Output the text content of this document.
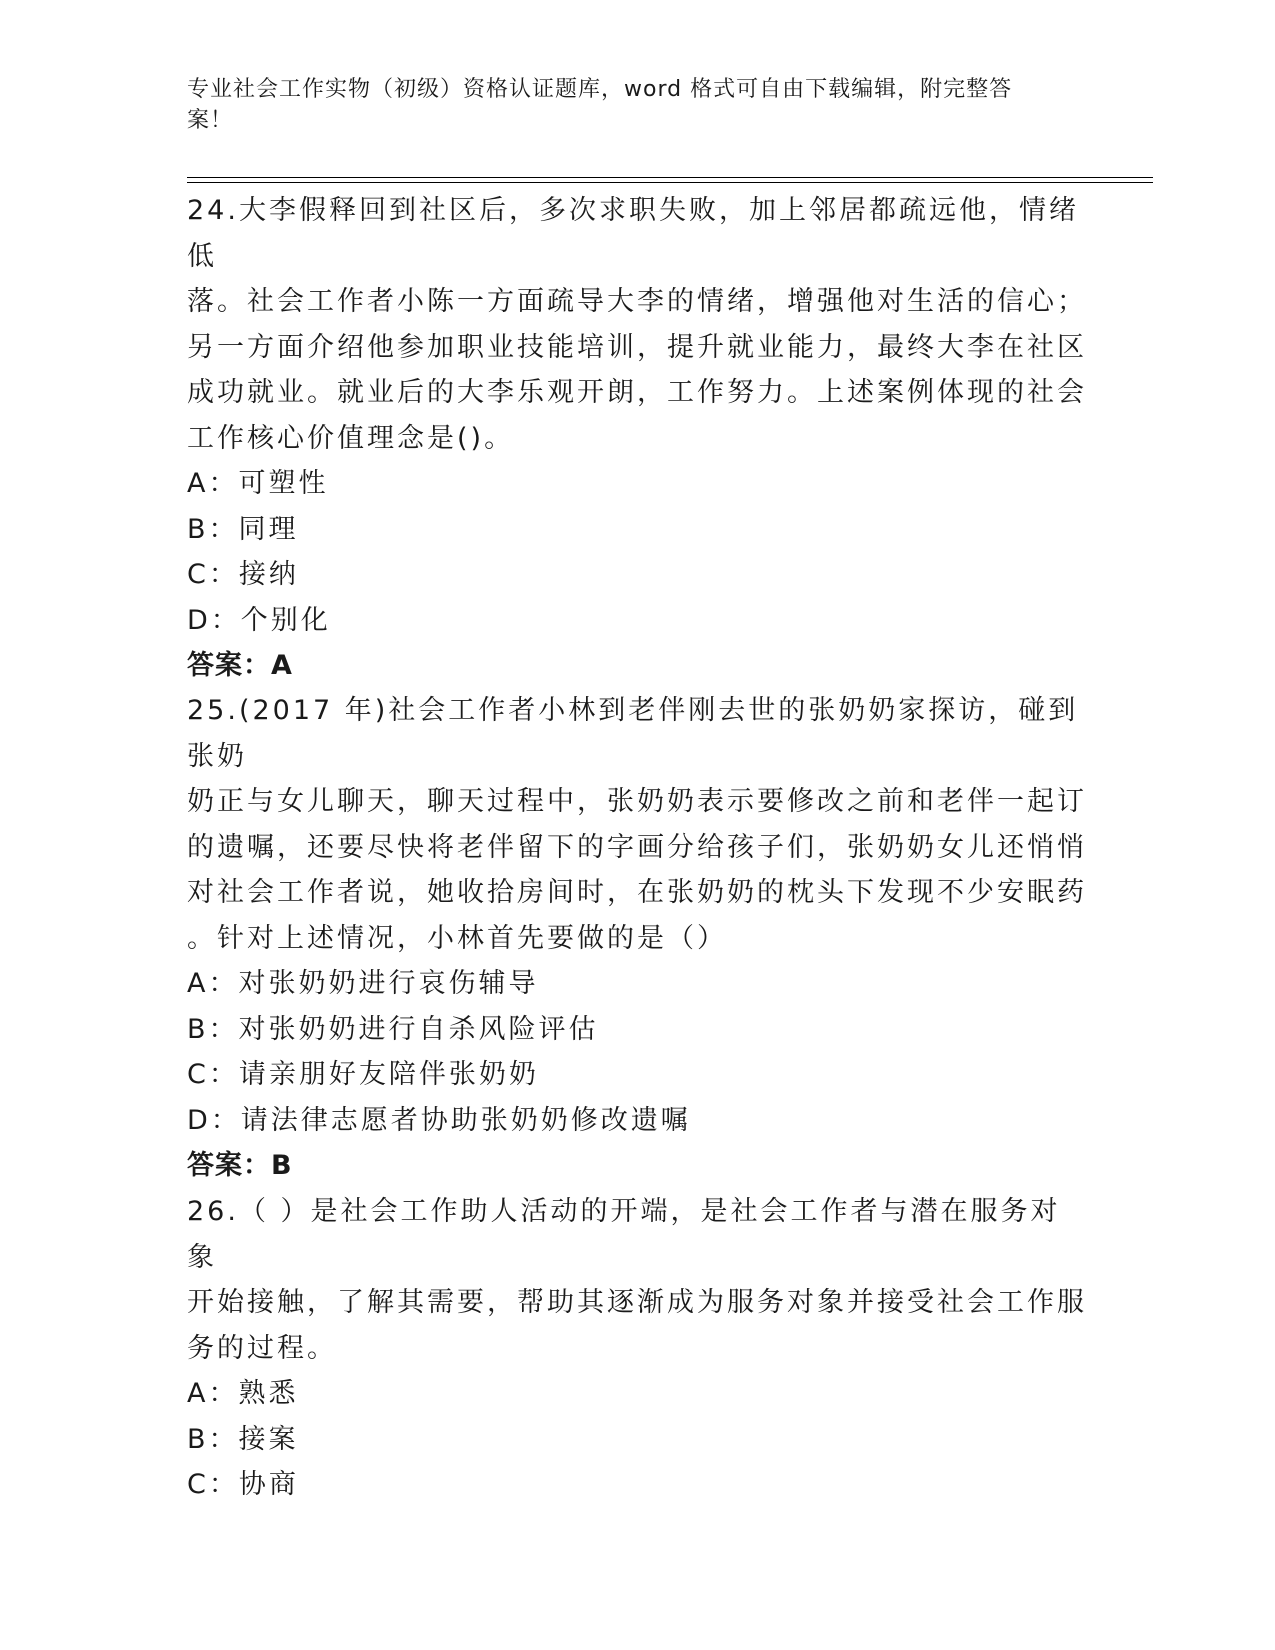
专业社会工作实物（初级）资格认证题库，word 格式可自由下载编辑，附完整答
案！

24.大李假释回到社区后，多次求职失败，加上邻居都疏远他，情绪低

落。社会工作者小陈一方面疏导大李的情绪，增强他对生活的信心；

另一方面介绍他参加职业技能培训，提升就业能力，最终大李在社区

成功就业。就业后的大李乐观开朗，工作努力。上述案例体现的社会

工作核心价值理念是()。

A：可塑性

B：同理

C：接纳

D：个别化

答案：A

25.(2017 年)社会工作者小林到老伴刚去世的张奶奶家探访，碰到张奶

奶正与女儿聊天，聊天过程中，张奶奶表示要修改之前和老伴一起订

的遗嘱，还要尽快将老伴留下的字画分给孩子们，张奶奶女儿还悄悄

对社会工作者说，她收拾房间时，在张奶奶的枕头下发现不少安眠药

。针对上述情况，小林首先要做的是（）

A：对张奶奶进行哀伤辅导

B：对张奶奶进行自杀风险评估

C：请亲朋好友陪伴张奶奶

D：请法律志愿者协助张奶奶修改遗嘱

答案：B

26.（ ）是社会工作助人活动的开端，是社会工作者与潜在服务对象

开始接触，了解其需要，帮助其逐渐成为服务对象并接受社会工作服

务的过程。

A：熟悉

B：接案

C：协商
